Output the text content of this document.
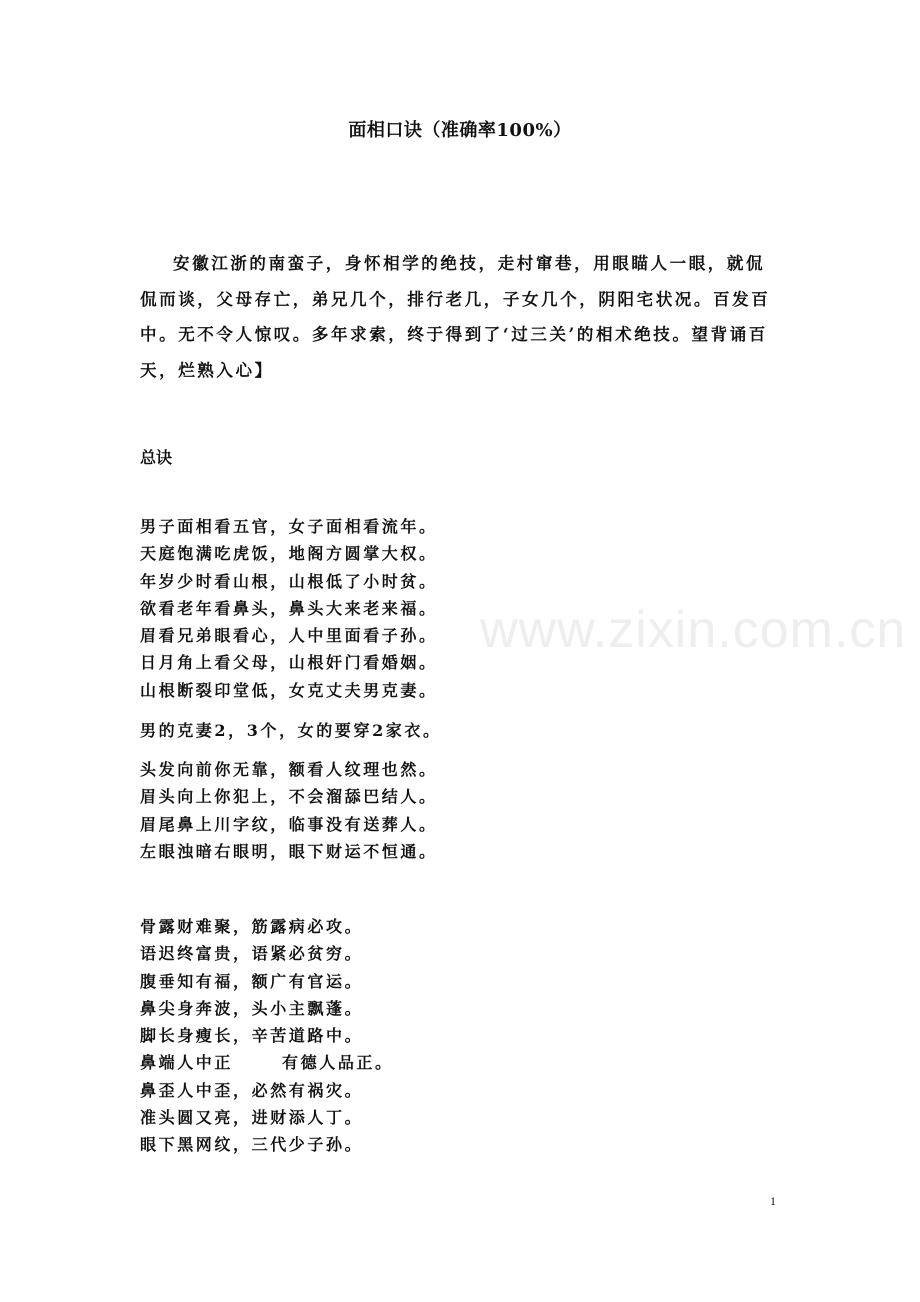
面相口诀（准确率100%）

安徽江浙的南蛮子，身怀相学的绝技，走村窜巷，用眼瞄人一眼，就侃侃而谈，父母存亡，弟兄几个，排行老几，子女几个，阴阳宅状况。百发百中。无不令人惊叹。多年求索，终于得到了‘过三关’的相术绝技。望背诵百天，烂熟入心】

总诀
男子面相看五官，女子面相看流年。
天庭饱满吃虎饭，地阁方圆掌大权。
年岁少时看山根，山根低了小时贫。
欲看老年看鼻头，鼻头大来老来福。
眉看兄弟眼看心，人中里面看子孙。
日月角上看父母，山根奸门看婚姻。
山根断裂印堂低，女克丈夫男克妻。
男的克妻2，3个，女的要穿2家衣。
头发向前你无靠，额看人纹理也然。
眉头向上你犯上，不会溜舔巴结人。
眉尾鼻上川字纹，临事没有送葬人。
左眼浊暗右眼明，眼下财运不恒通。
骨露财难聚，筋露病必攻。
语迟终富贵，语紧必贫穷。
腹垂知有福，额广有官运。
鼻尖身奔波，头小主飘蓬。
脚长身瘦长，辛苦道路中。
鼻端人中正      有德人品正。
鼻歪人中歪，必然有祸灾。
准头圆又亮，进财添人丁。
眼下黑网纹，三代少子孙。
www.zixin.com.cn
1
